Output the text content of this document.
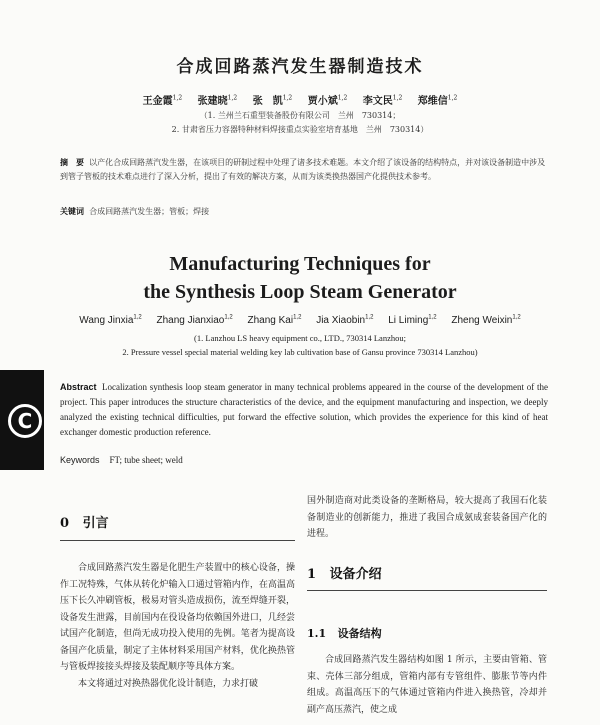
合成回路蒸汽发生器制造技术
王金霞$^{1,2}$ 张建晓$^{1,2}$ 张　凯$^{1,2}$ 贾小斌$^{1,2}$ 李文民$^{1,2}$ 郑维信$^{1,2}$
（1. 兰州兰石重型装备股份有限公司　兰州　730314；
2. 甘肃省压力容器特种材料焊接重点实验室培育基地　兰州　730314）
摘　要 以产化合成回路蒸汽发生器，在该项目的研制过程中处理了诸多技术难题。本文介绍了该设备的结构特点，并对该设备制造中涉及到管子管板的技术难点进行了深入分析，提出了有效的解决方案，从而为该类换热器国产化提供技术参考。
关键词 合成回路蒸汽发生器；管板；焊接
Manufacturing Techniques for
the Synthesis Loop Steam Generator
Wang Jinxia$^{1,2}$ Zhang Jianxiao$^{1,2}$ Zhang Kai$^{1,2}$ Jia Xiaobin$^{1,2}$ Li Liming$^{1,2}$ Zheng Weixin$^{1,2}$
(1. Lanzhou LS heavy equipment co., LTD., 730314 Lanzhou;
2. Pressure vessel special material welding key lab cultivation base of Gansu province 730314 Lanzhou)
C
Abstract Localization synthesis loop steam generator in many technical problems appeared in the course of the development of the project. This paper introduces the structure characteristics of the device, and the equipment manufacturing and inspection, we deeply analyzed the existing technical difficulties, put forward the effective solution, which provides the experience for this kind of heat exchanger domestic production reference.
Keywords FT; tube sheet; weld
0 引言

合成回路蒸汽发生器是化肥生产装置中的核心设备，操作工况特殊，气体从转化炉输入口通过管箱内作，在高温高压下长久冲刷管板，极易对管头造成损伤，流至焊缝开裂，设备发生泄露，目前国内在役设备均依赖国外进口，几经尝试国产化制造，但尚无成功投入使用的先例。笔者为提高设备国产化质量，制定了主体材料采用国产材料，优化换热管与管板焊接接头焊接及装配顺序等具体方案。

本文将通过对换热器优化设计制造，力求打破

国外制造商对此类设备的垄断格局，较大提高了我国石化装备制造业的创新能力，推进了我国合成氨成套装备国产化的进程。

1 设备介绍
1.1 设备结构

合成回路蒸汽发生器结构如图 1 所示，主要由管箱、管束、壳体三部分组成，管箱内部有专管组件、膨胀节等内件组成。高温高压下的气体通过管箱内件进入换热管，冷却并副产高压蒸汽，使之成
